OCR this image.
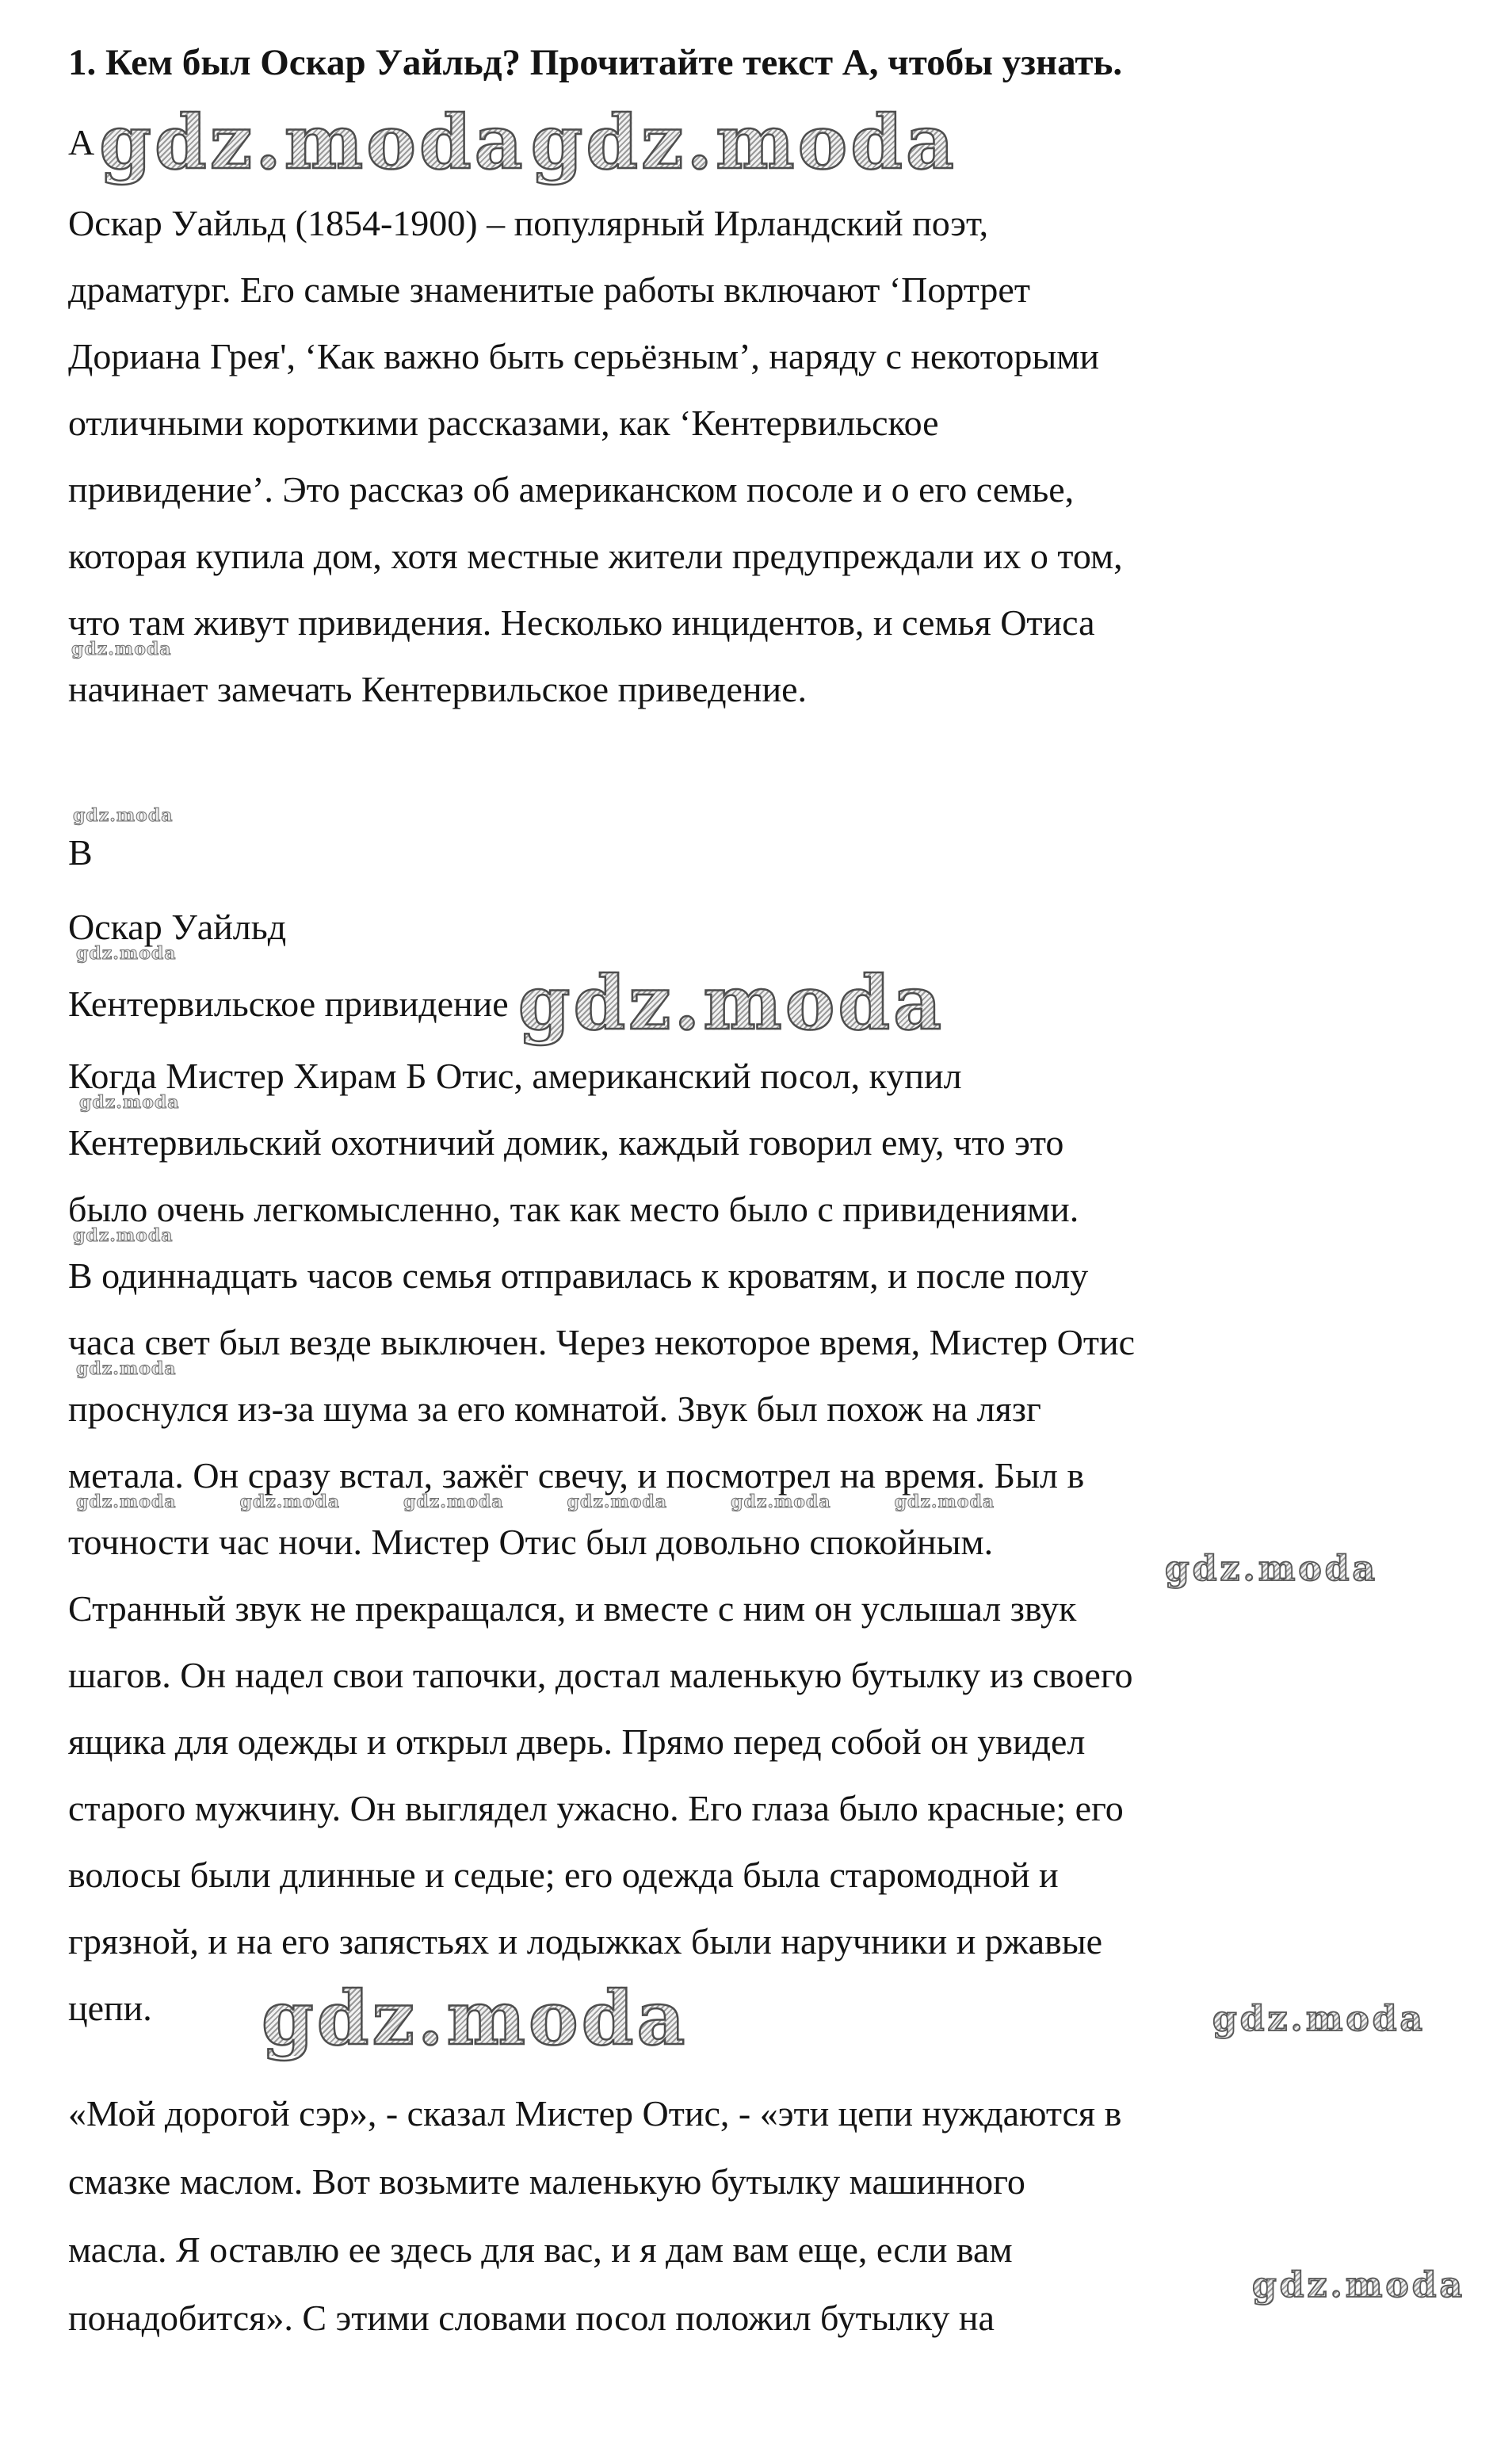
1. Кем был Оскар Уайльд? Прочитайте текст А, чтобы узнать.
A gdz.moda gdz.moda
Оскар Уайльд (1854-1900) – популярный Ирландский поэт,
драматург. Его самые знаменитые работы включают ‘Портрет
Дориана Грея', ‘Как важно быть серьёзным’, наряду с некоторыми
отличными короткими рассказами, как ‘Кентервильское
привидение’. Это рассказ об американском посоле и о его семье,
которая купила дом, хотя местные жители предупреждали их о том,
что там живут привидения. Несколько инцидентов, и семья Отиса
начинает замечать Кентервильское приведение.
B
Оскар Уайльд
Кентервильское привидение gdz.moda
Когда Мистер Хирам Б Отис, американский посол, купил
Кентервильский охотничий домик, каждый говорил ему, что это
было очень легкомысленно, так как место было с привидениями.
В одиннадцать часов семья отправилась к кроватям, и после полу
часа свет был везде выключен. Через некоторое время, Мистер Отис
проснулся из-за шума за его комнатой. Звук был похож на лязг
метала. Он сразу встал, зажёг свечу, и посмотрел на время. Был в
точности час ночи. Мистер Отис был довольно спокойным.
Странный звук не прекращался, и вместе с ним он услышал звук
шагов. Он надел свои тапочки, достал маленькую бутылку из своего
ящика для одежды и открыл дверь. Прямо перед собой он увидел
старого мужчину. Он выглядел ужасно. Его глаза было красные; его
волосы были длинные и седые; его одежда была старомодной и
грязной, и на его запястьях и лодыжках были наручники и ржавые
цепи.
«Мой дорогой сэр», - сказал Мистер Отис, - «эти цепи нуждаются в
смазке маслом. Вот возьмите маленькую бутылку машинного
масла. Я оставлю ее здесь для вас, и я дам вам еще, если вам
понадобится». С этими словами посол положил бутылку на
gdz.moda
gdz.moda
gdz.moda
gdz.moda
gdz.moda
gdz.moda
gdz.moda	gdz.moda	gdz.moda	gdz.moda	gdz.moda	gdz.moda
gdz.moda
gdz.moda
gdz.moda
gdz.moda
